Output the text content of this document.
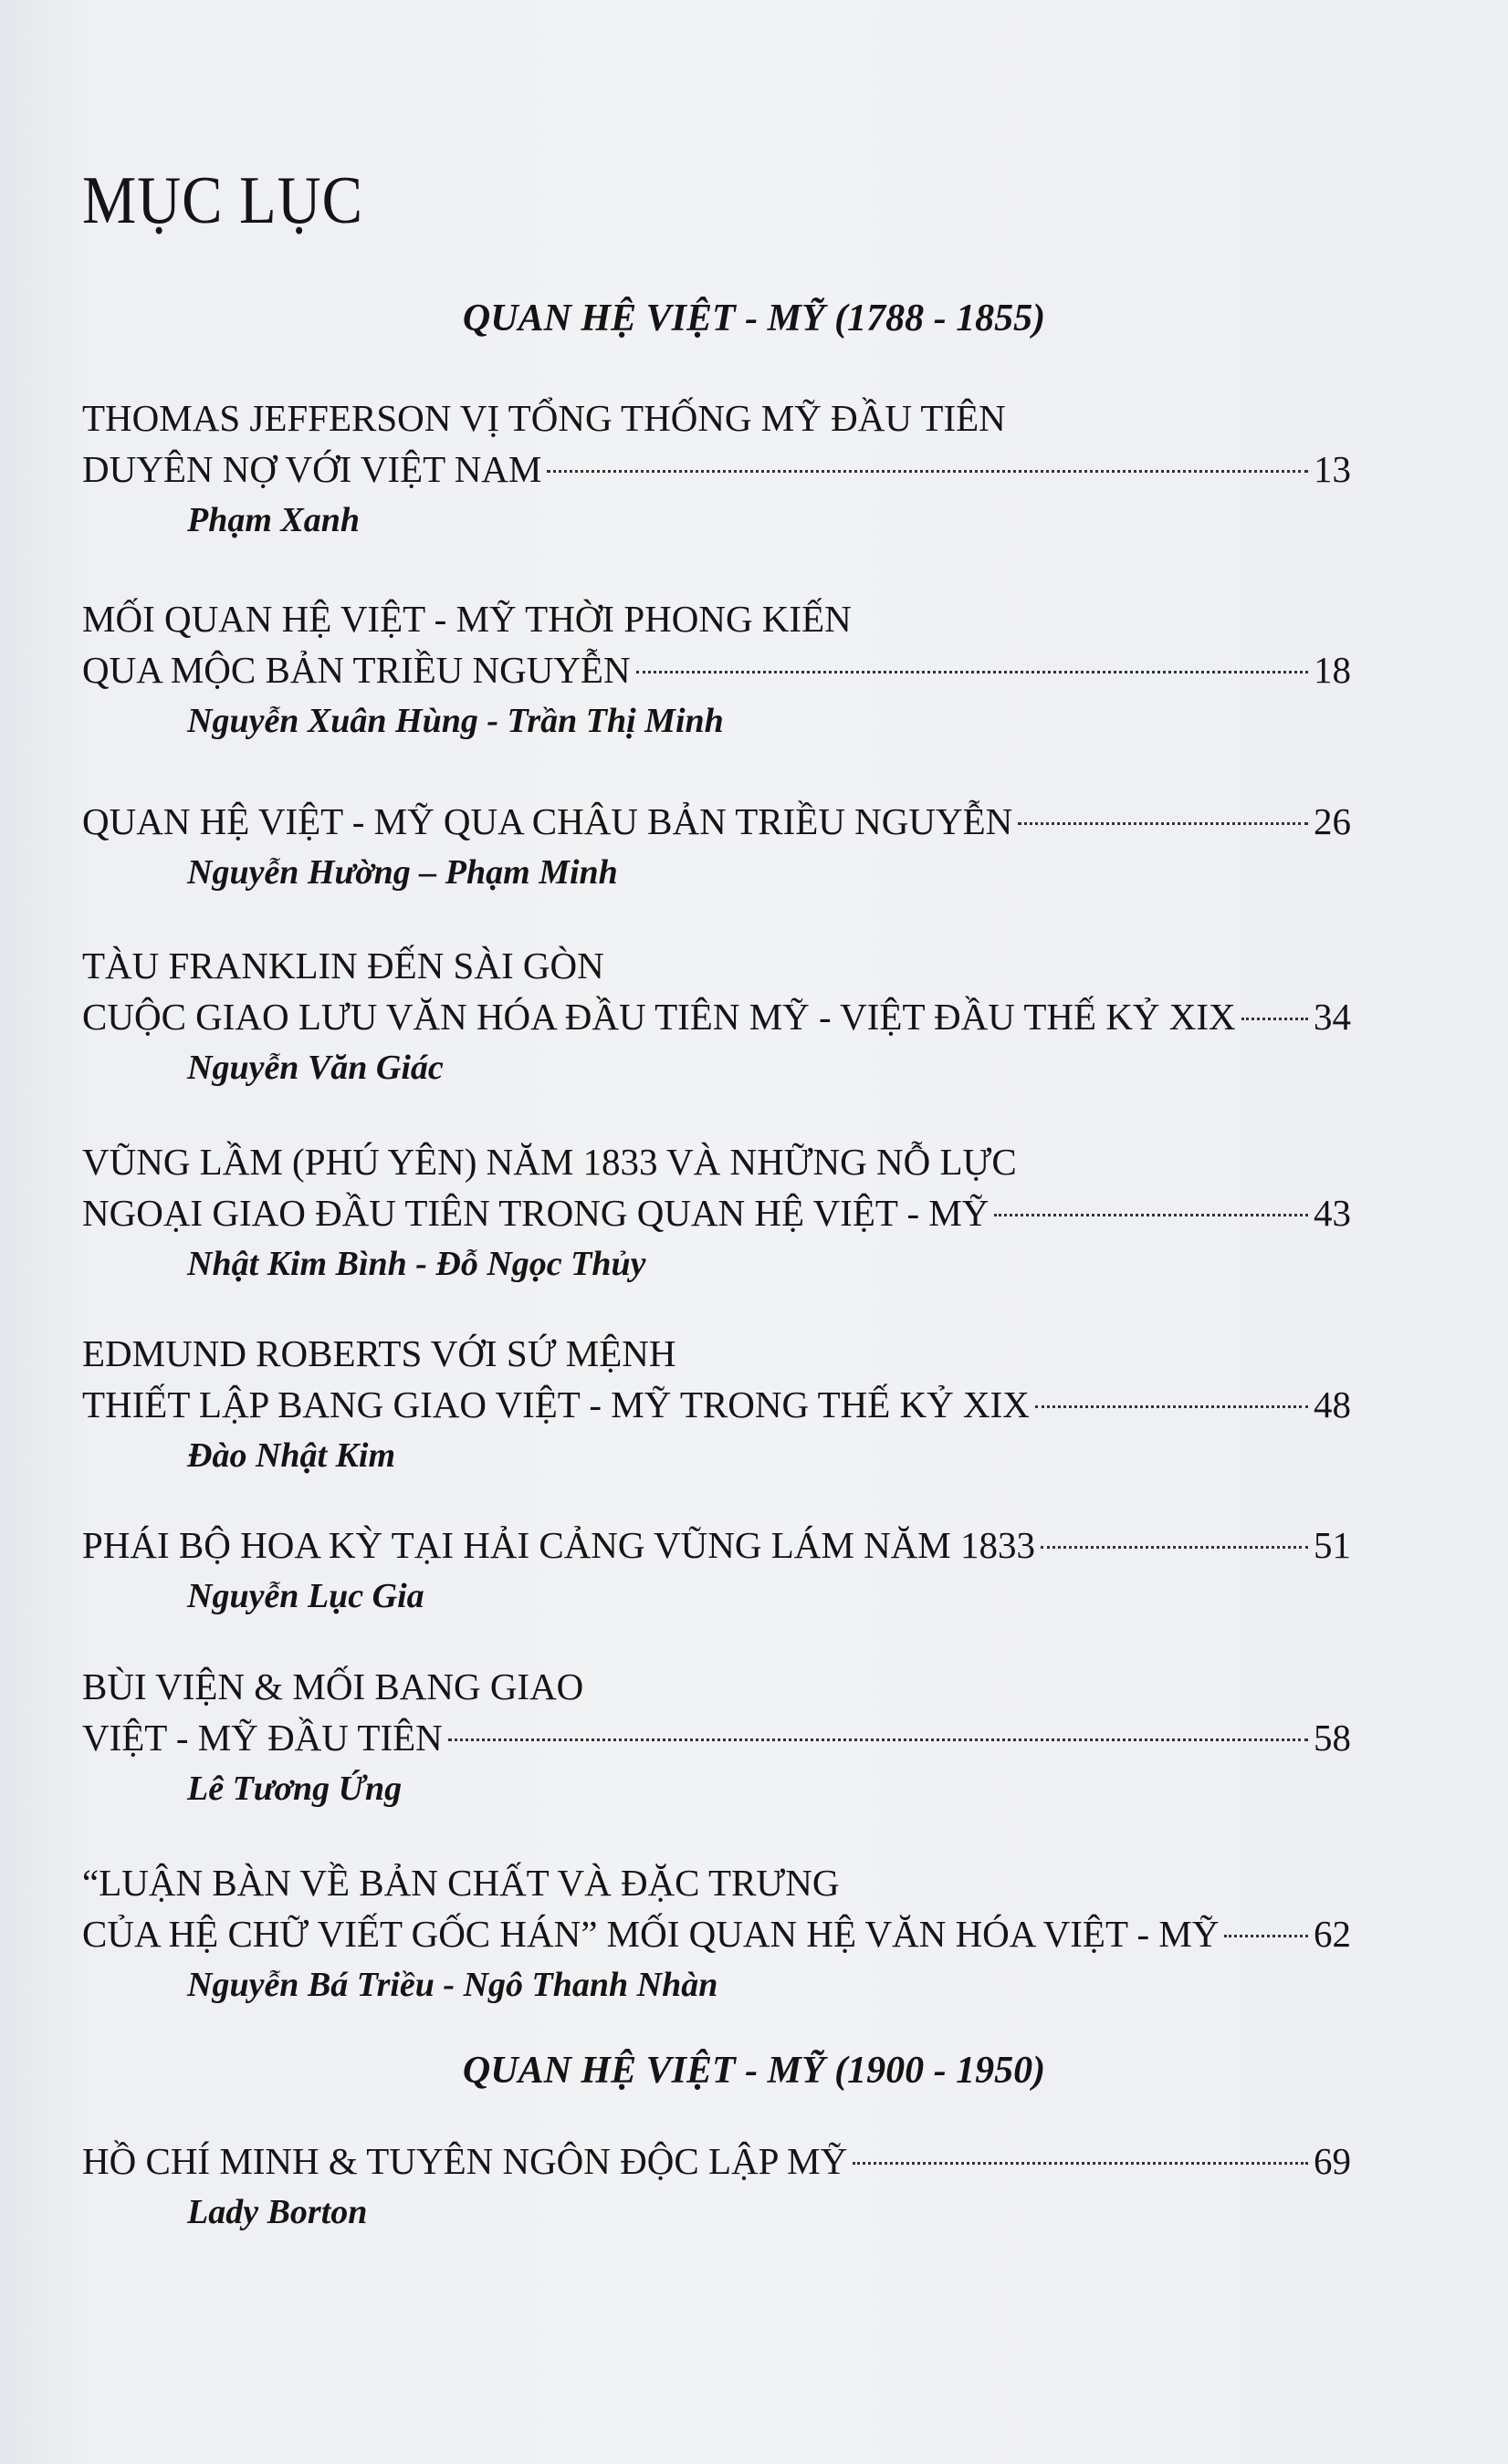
MỤC LỤC
QUAN HỆ VIỆT - MỸ (1788 - 1855)
THOMAS JEFFERSON VỊ TỔNG THỐNG MỸ ĐẦU TIÊN
DUYÊN NỢ VỚI VIỆT NAM	13
Phạm Xanh
MỐI QUAN HỆ VIỆT - MỸ THỜI PHONG KIẾN
QUA MỘC BẢN TRIỀU NGUYỄN	18
Nguyễn Xuân Hùng - Trần Thị Minh
QUAN HỆ VIỆT - MỸ QUA CHÂU BẢN TRIỀU NGUYỄN	26
Nguyễn Hường – Phạm Minh
TÀU FRANKLIN ĐẾN SÀI GÒN
CUỘC GIAO LƯU VĂN HÓA ĐẦU TIÊN MỸ - VIỆT ĐẦU THẾ KỶ XIX 34
Nguyễn Văn Giác
VŨNG LẦM (PHÚ YÊN) NĂM 1833 VÀ NHỮNG NỖ LỰC
NGOẠI GIAO ĐẦU TIÊN TRONG QUAN HỆ VIỆT - MỸ	43
Nhật Kim Bình - Đỗ Ngọc Thủy
EDMUND ROBERTS VỚI SỨ MỆNH
THIẾT LẬP BANG GIAO VIỆT - MỸ TRONG THẾ KỶ XIX	48
Đào Nhật Kim
PHÁI BỘ HOA KỲ TẠI HẢI CẢNG VŨNG LÁM NĂM 1833	51
Nguyễn Lục Gia
BÙI VIỆN & MỐI BANG GIAO
VIỆT - MỸ ĐẦU TIÊN	58
Lê Tương Ứng
“LUẬN BÀN VỀ BẢN CHẤT VÀ ĐẶC TRƯNG
CỦA HỆ CHỮ VIẾT GỐC HÁN” MỐI QUAN HỆ VĂN HÓA VIỆT - MỸ	62
Nguyễn Bá Triều - Ngô Thanh Nhàn
QUAN HỆ VIỆT - MỸ (1900 - 1950)
HỒ CHÍ MINH & TUYÊN NGÔN ĐỘC LẬP MỸ	69
Lady Borton
